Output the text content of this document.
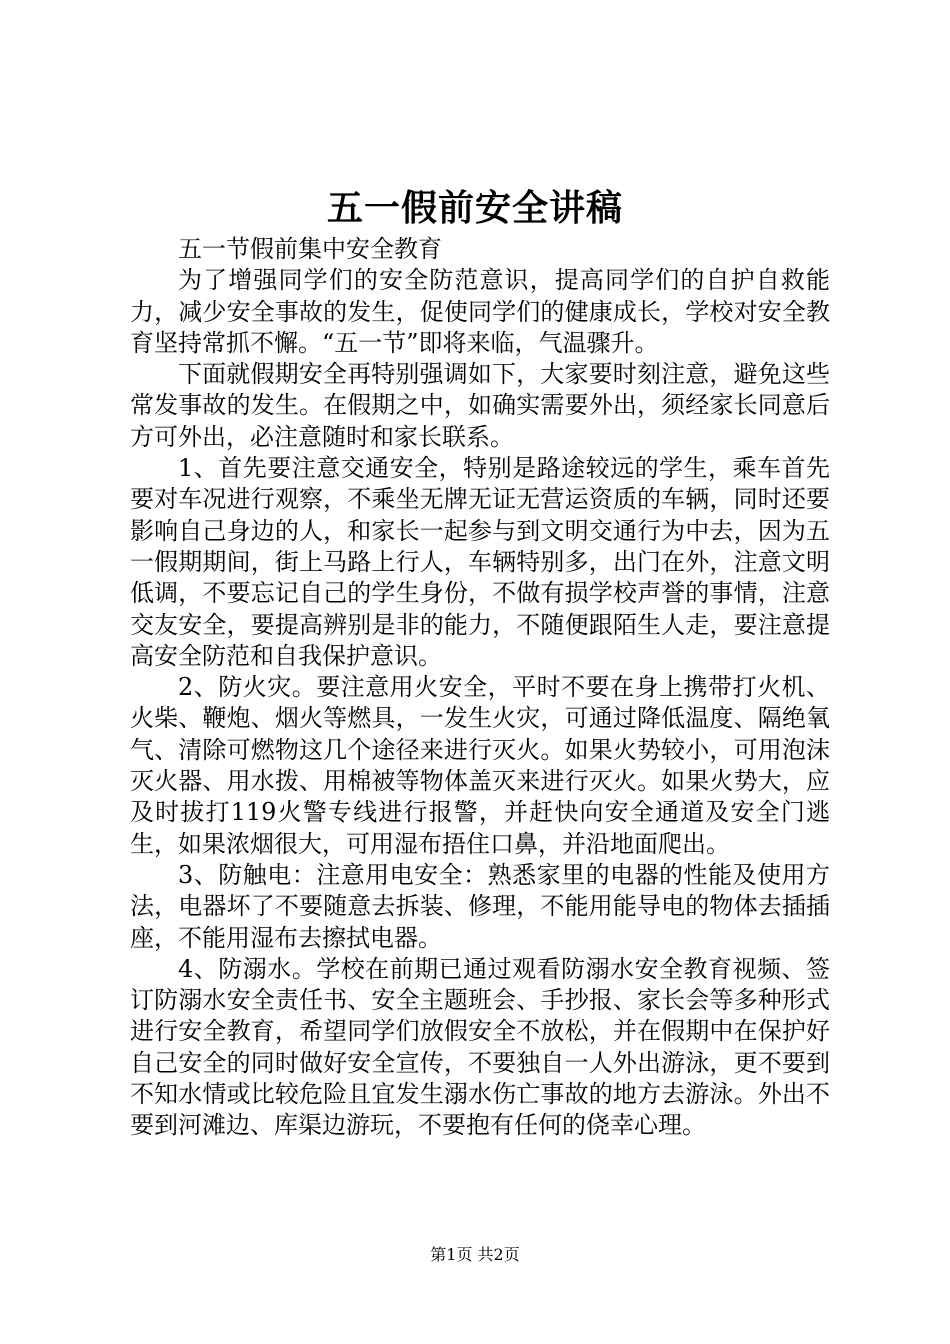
五一假前安全讲稿

五一节假前集中安全教育

为了增强同学们的安全防范意识，提高同学们的自护自救能力，减少安全事故的发生，促使同学们的健康成长，学校对安全教育坚持常抓不懈。“五一节”即将来临，气温骤升。

下面就假期安全再特别强调如下，大家要时刻注意，避免这些常发事故的发生。在假期之中，如确实需要外出，须经家长同意后方可外出，必注意随时和家长联系。

1、首先要注意交通安全，特别是路途较远的学生，乘车首先要对车况进行观察，不乘坐无牌无证无营运资质的车辆，同时还要影响自己身边的人，和家长一起参与到文明交通行为中去，因为五一假期期间，街上马路上行人，车辆特别多，出门在外，注意文明低调，不要忘记自己的学生身份，不做有损学校声誉的事情，注意交友安全，要提高辨别是非的能力，不随便跟陌生人走，要注意提高安全防范和自我保护意识。

2、防火灾。要注意用火安全，平时不要在身上携带打火机、火柴、鞭炮、烟火等燃具，一发生火灾，可通过降低温度、隔绝氧气、清除可燃物这几个途径来进行灭火。如果火势较小，可用泡沫灭火器、用水拨、用棉被等物体盖灭来进行灭火。如果火势大，应及时拔打119火警专线进行报警，并赶快向安全通道及安全门逃生，如果浓烟很大，可用湿布捂住口鼻，并沿地面爬出。

3、防触电：注意用电安全：熟悉家里的电器的性能及使用方法，电器坏了不要随意去拆装、修理，不能用能导电的物体去插插座，不能用湿布去擦拭电器。

4、防溺水。学校在前期已通过观看防溺水安全教育视频、签订防溺水安全责任书、安全主题班会、手抄报、家长会等多种形式进行安全教育，希望同学们放假安全不放松，并在假期中在保护好自己安全的同时做好安全宣传，不要独自一人外出游泳，更不要到不知水情或比较危险且宜发生溺水伤亡事故的地方去游泳。外出不要到河滩边、库渠边游玩，不要抱有任何的侥幸心理。

第1页 共2页
